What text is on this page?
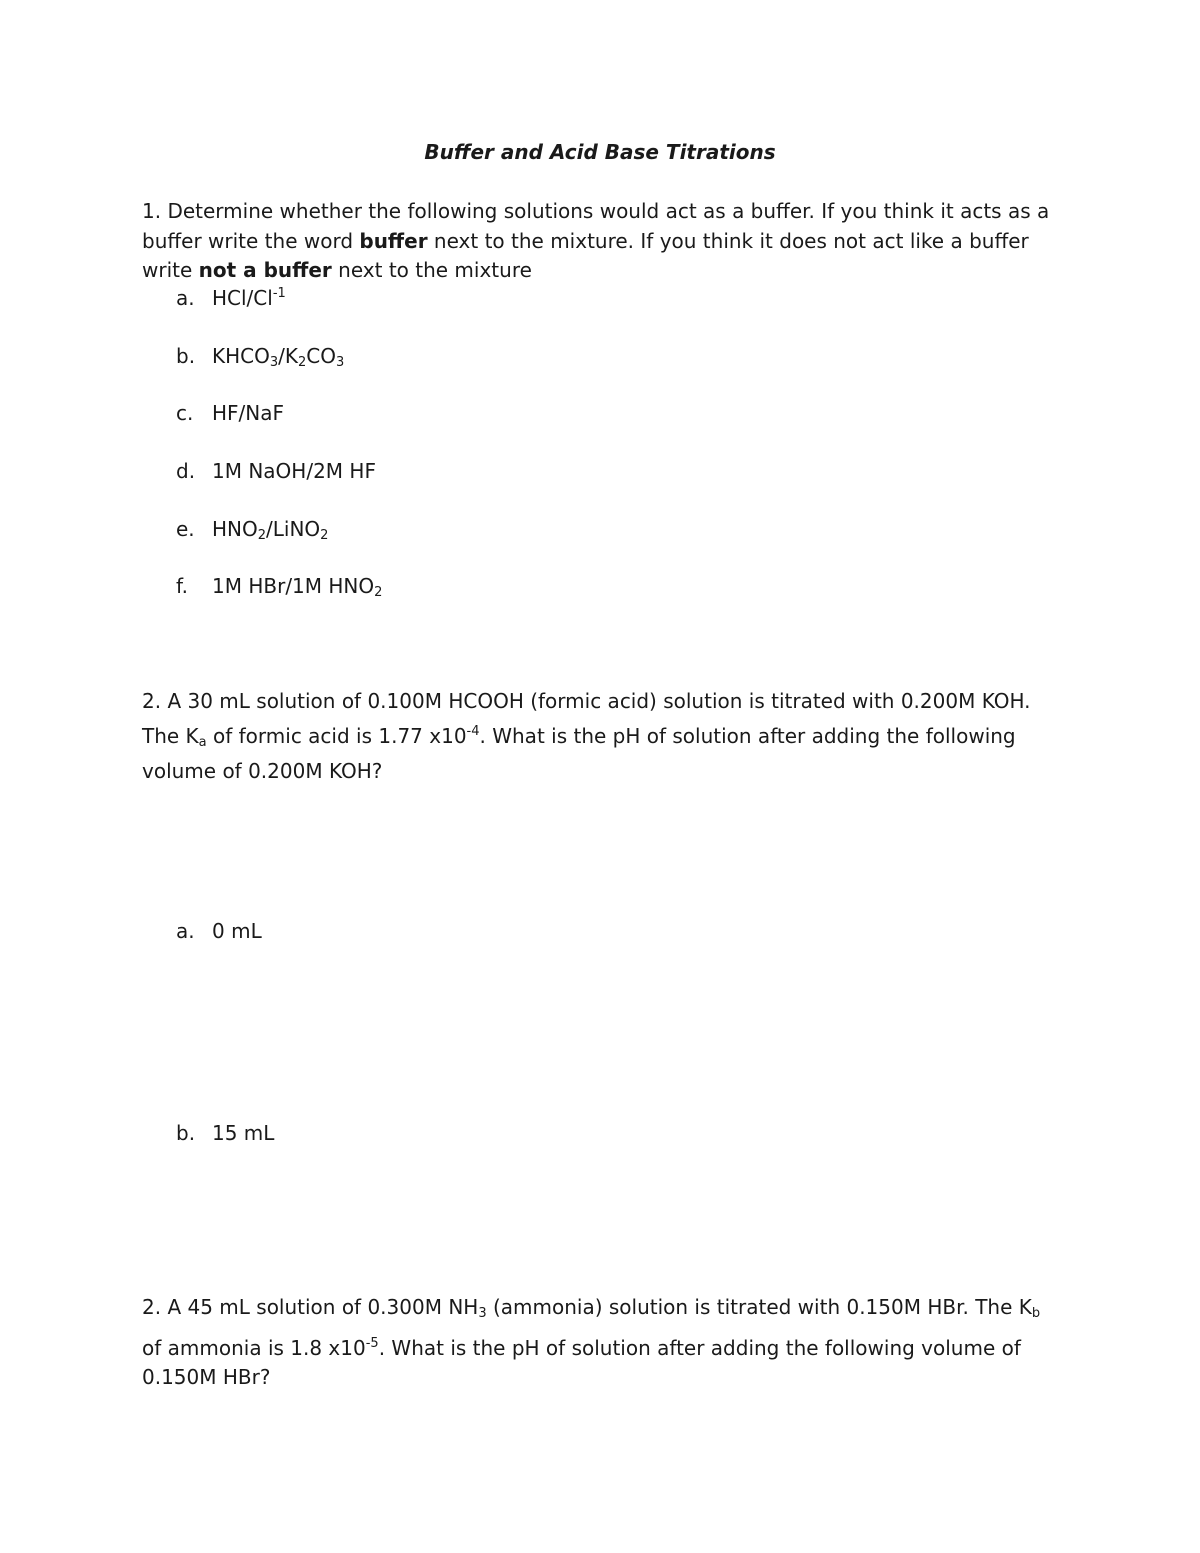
Buffer and Acid Base Titrations
1. Determine whether the following solutions would act as a buffer. If you think it acts as a buffer write the word buffer next to the mixture. If you think it does not act like a buffer write not a buffer next to the mixture
a. HCl/$Cl^{-1}$
b. $KHCO_3/K_2CO_3$
c. HF/NaF
d. 1M NaOH/2M HF
e. $HNO_2/LiNO_2$
f. 1M HBr/1M $HNO_2$
2. A 30 mL solution of 0.100M HCOOH (formic acid) solution is titrated with 0.200M KOH. The $K_a$ of formic acid is 1.77 $x10^{-4}$. What is the pH of solution after adding the following volume of 0.200M KOH?
a. 0 mL
b. 15 mL
2. A 45 mL solution of 0.300M $NH_3$ (ammonia) solution is titrated with 0.150M HBr. The $K_b$ of ammonia is 1.8 $x10^{-5}$. What is the pH of solution after adding the following volume of 0.150M HBr?
